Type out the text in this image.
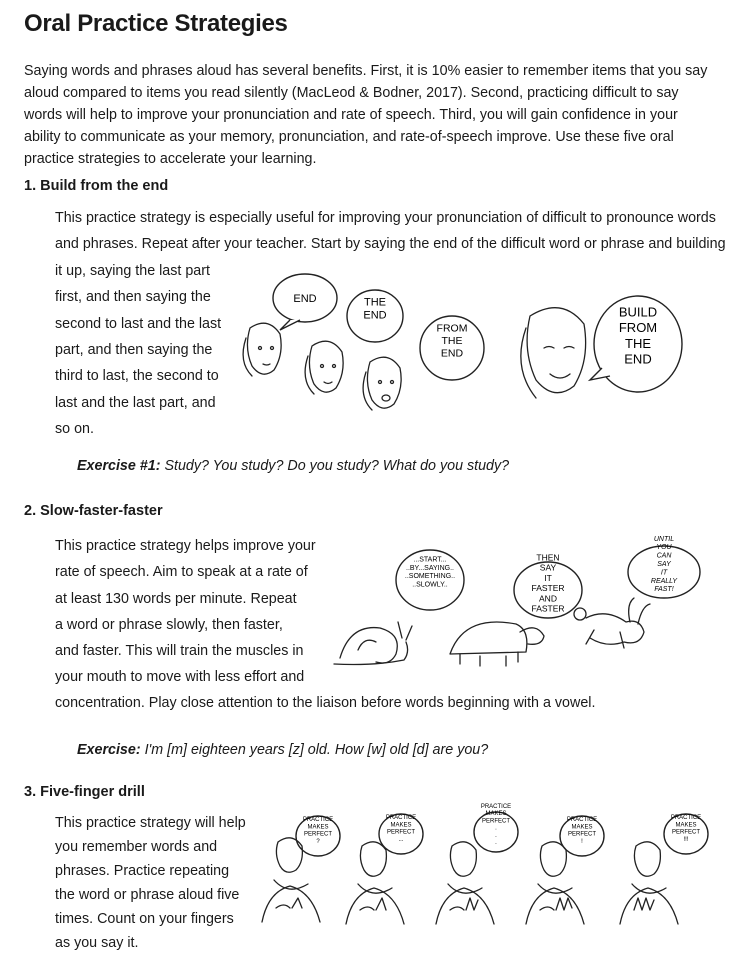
Oral Practice Strategies

Saying words and phrases aloud has several benefits. First, it is 10% easier to remember items that you say aloud compared to items you read silently (MacLeod & Bodner, 2017). Second, practicing difficult to say words will help to improve your pronunciation and rate of speech. Third, you will gain confidence in your ability to communicate as your memory, pronunciation, and rate-of-speech improve. Use these five oral practice strategies to accelerate your learning.

1. Build from the end

This practice strategy is especially useful for improving your pronunciation of difficult to pronounce words

and phrases. Repeat after your teacher. Start by saying the end of the difficult word or phrase and building

it up, saying the last part

first, and then saying the

second to last and the last

part, and then saying the

third to last, the second to

last and the last part, and

so on.

END	THE END
FROM THE END
BUILD FROM THE END

Exercise #1: Study? You study? Do you study? What do you study?

2. Slow-faster-faster

This practice strategy helps improve your

rate of speech. Aim to speak at a rate of

at least 130 words per minute. Repeat

a word or phrase slowly, then faster,

and faster. This will train the muscles in

your mouth to move with less effort and

concentration. Play close attention to the liaison before words beginning with a vowel.

...START... ..BY...SAYING.. ..SOMETHING.. ..SLOWLY..
THEN SAY IT FASTER AND FASTER
UNTIL YOU CAN SAY IT REALLY FAST!

Exercise: I'm [m] eighteen years [z] old. How [w] old [d] are you?

3. Five-finger drill

This practice strategy will help

you remember words and

phrases. Practice repeating

the word or phrase aloud five

times. Count on your fingers

as you say it.

PRACTICE MAKES PERFECT ?
PRACTICE MAKES PERFECT ...
PRACTICE MAKES PERFECT . . .
PRACTICE MAKES PERFECT !
PRACTICE MAKES PERFECT !!!
